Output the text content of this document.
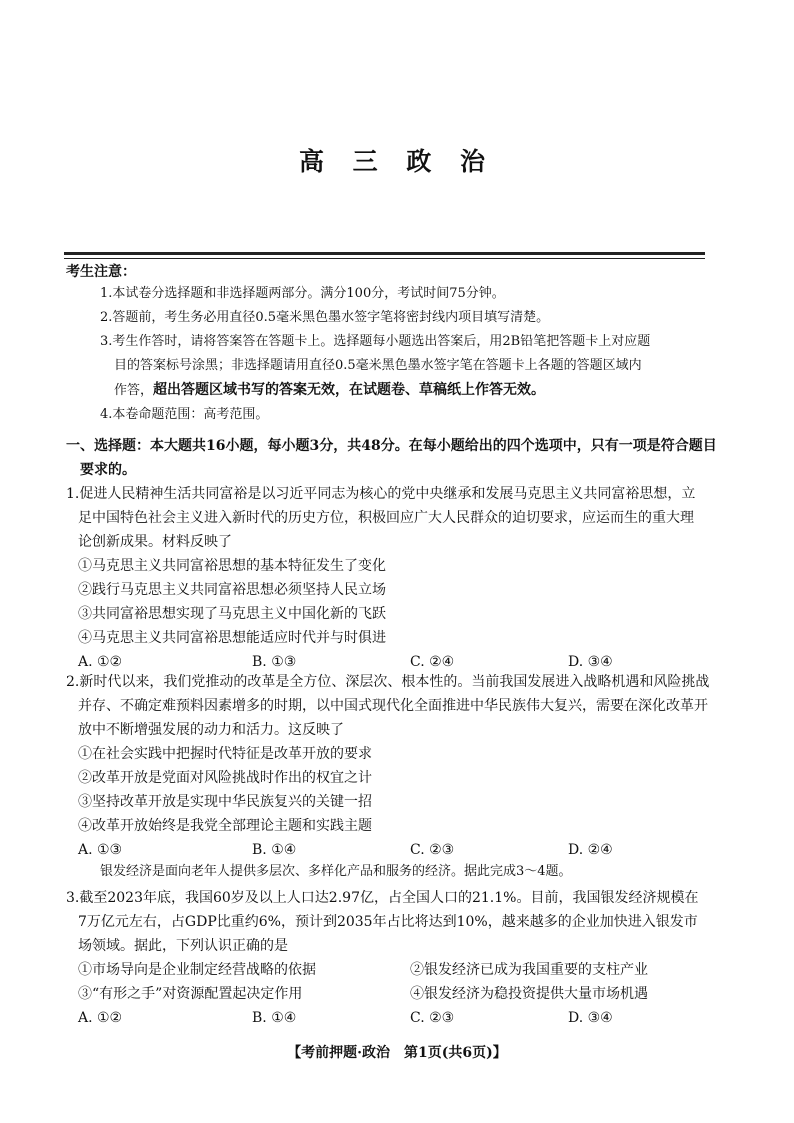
高 三 政 治
考生注意：
1.本试卷分选择题和非选择题两部分。满分100分，考试时间75分钟。
2.答题前，考生务必用直径0.5毫米黑色墨水签字笔将密封线内项目填写清楚。
3.考生作答时，请将答案答在答题卡上。选择题每小题选出答案后，用2B铅笔把答题卡上对应题
目的答案标号涂黑；非选择题请用直径0.5毫米黑色墨水签字笔在答题卡上各题的答题区域内
作答，超出答题区域书写的答案无效，在试题卷、草稿纸上作答无效。
4.本卷命题范围：高考范围。
一、选择题：本大题共16小题，每小题3分，共48分。在每小题给出的四个选项中，只有一项是符合题目
要求的。
1.促进人民精神生活共同富裕是以习近平同志为核心的党中央继承和发展马克思主义共同富裕思想，立
足中国特色社会主义进入新时代的历史方位，积极回应广大人民群众的迫切要求，应运而生的重大理
论创新成果。材料反映了
①马克思主义共同富裕思想的基本特征发生了变化
②践行马克思主义共同富裕思想必须坚持人民立场
③共同富裕思想实现了马克思主义中国化新的飞跃
④马克思主义共同富裕思想能适应时代并与时俱进
A. ①②	B. ①③	C. ②④	D. ③④
2.新时代以来，我们党推动的改革是全方位、深层次、根本性的。当前我国发展进入战略机遇和风险挑战
并存、不确定难预料因素增多的时期，以中国式现代化全面推进中华民族伟大复兴，需要在深化改革开
放中不断增强发展的动力和活力。这反映了
①在社会实践中把握时代特征是改革开放的要求
②改革开放是党面对风险挑战时作出的权宜之计
③坚持改革开放是实现中华民族复兴的关键一招
④改革开放始终是我党全部理论主题和实践主题
A. ①③	B. ①④	C. ②③	D. ②④
银发经济是面向老年人提供多层次、多样化产品和服务的经济。据此完成3～4题。
3.截至2023年底，我国60岁及以上人口达2.97亿，占全国人口的21.1%。目前，我国银发经济规模在
7万亿元左右，占GDP比重约6%，预计到2035年占比将达到10%，越来越多的企业加快进入银发市
场领域。据此，下列认识正确的是
①市场导向是企业制定经营战略的依据	②银发经济已成为我国重要的支柱产业
③“有形之手”对资源配置起决定作用	④银发经济为稳投资提供大量市场机遇
A. ①②	B. ①④	C. ②③	D. ③④
【考前押题·政治　第1页(共6页)】
